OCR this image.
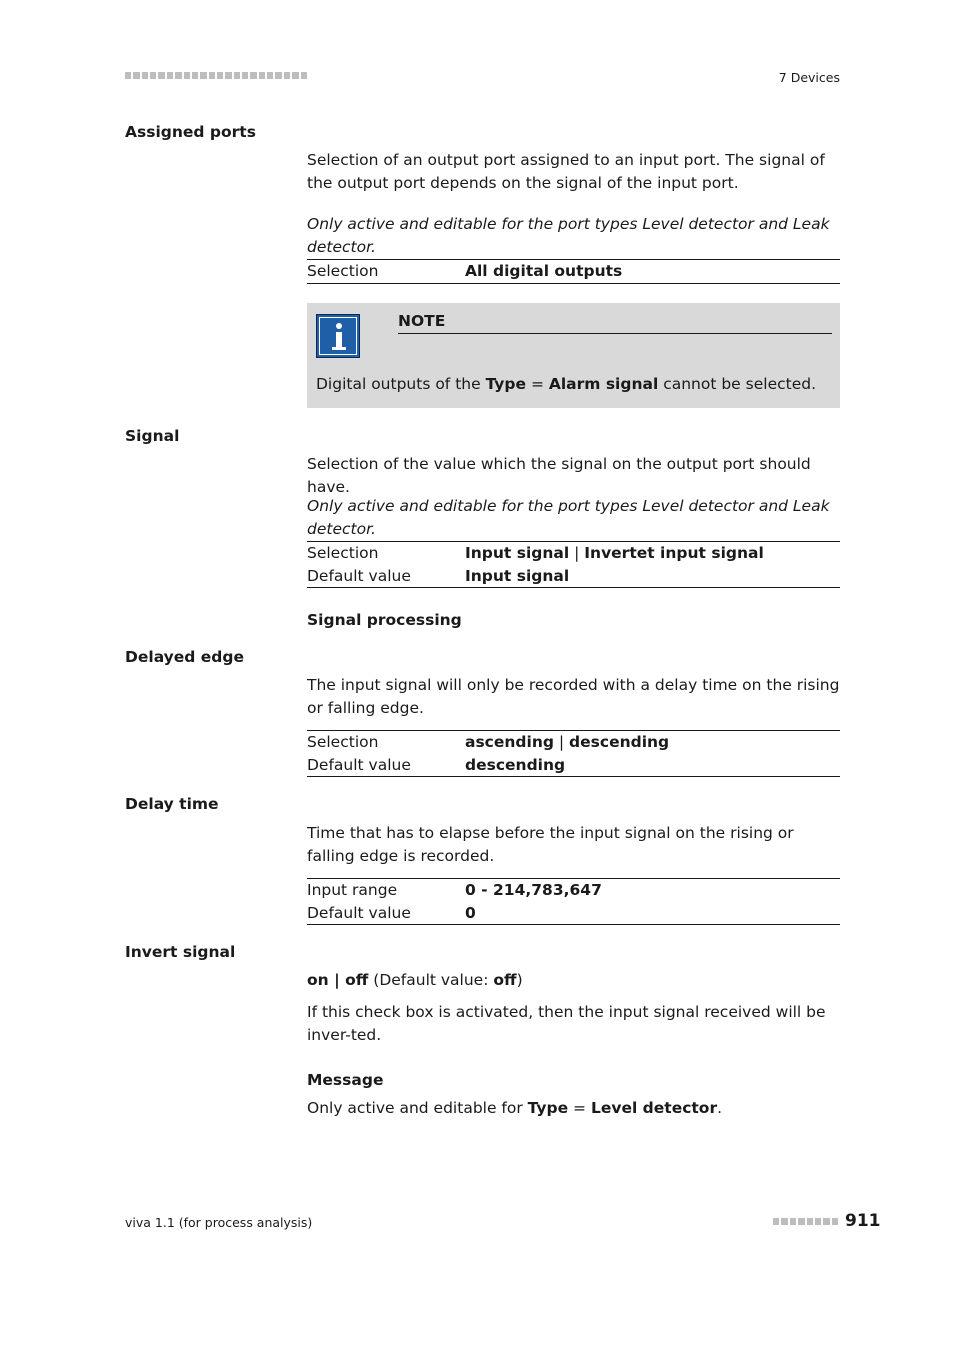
7 Devices
Assigned ports
Selection of an output port assigned to an input port. The signal of the output port depends on the signal of the input port.
Only active and editable for the port types Level detector and Leak detector.
Selection	All digital outputs
NOTE
Digital outputs of the Type = Alarm signal cannot be selected.
Signal
Selection of the value which the signal on the output port should have.
Only active and editable for the port types Level detector and Leak detector.
Selection	Input signal | Invertet input signal
Default value	Input signal
Signal processing
Delayed edge
The input signal will only be recorded with a delay time on the rising or falling edge.
Selection	ascending | descending
Default value	descending
Delay time
Time that has to elapse before the input signal on the rising or falling edge is recorded.
Input range	0 - 214,783,647
Default value	0
Invert signal
on | off (Default value: off)
If this check box is activated, then the input signal received will be inver-ted.
Message
Only active and editable for Type = Level detector.
viva 1.1 (for process analysis)	911
